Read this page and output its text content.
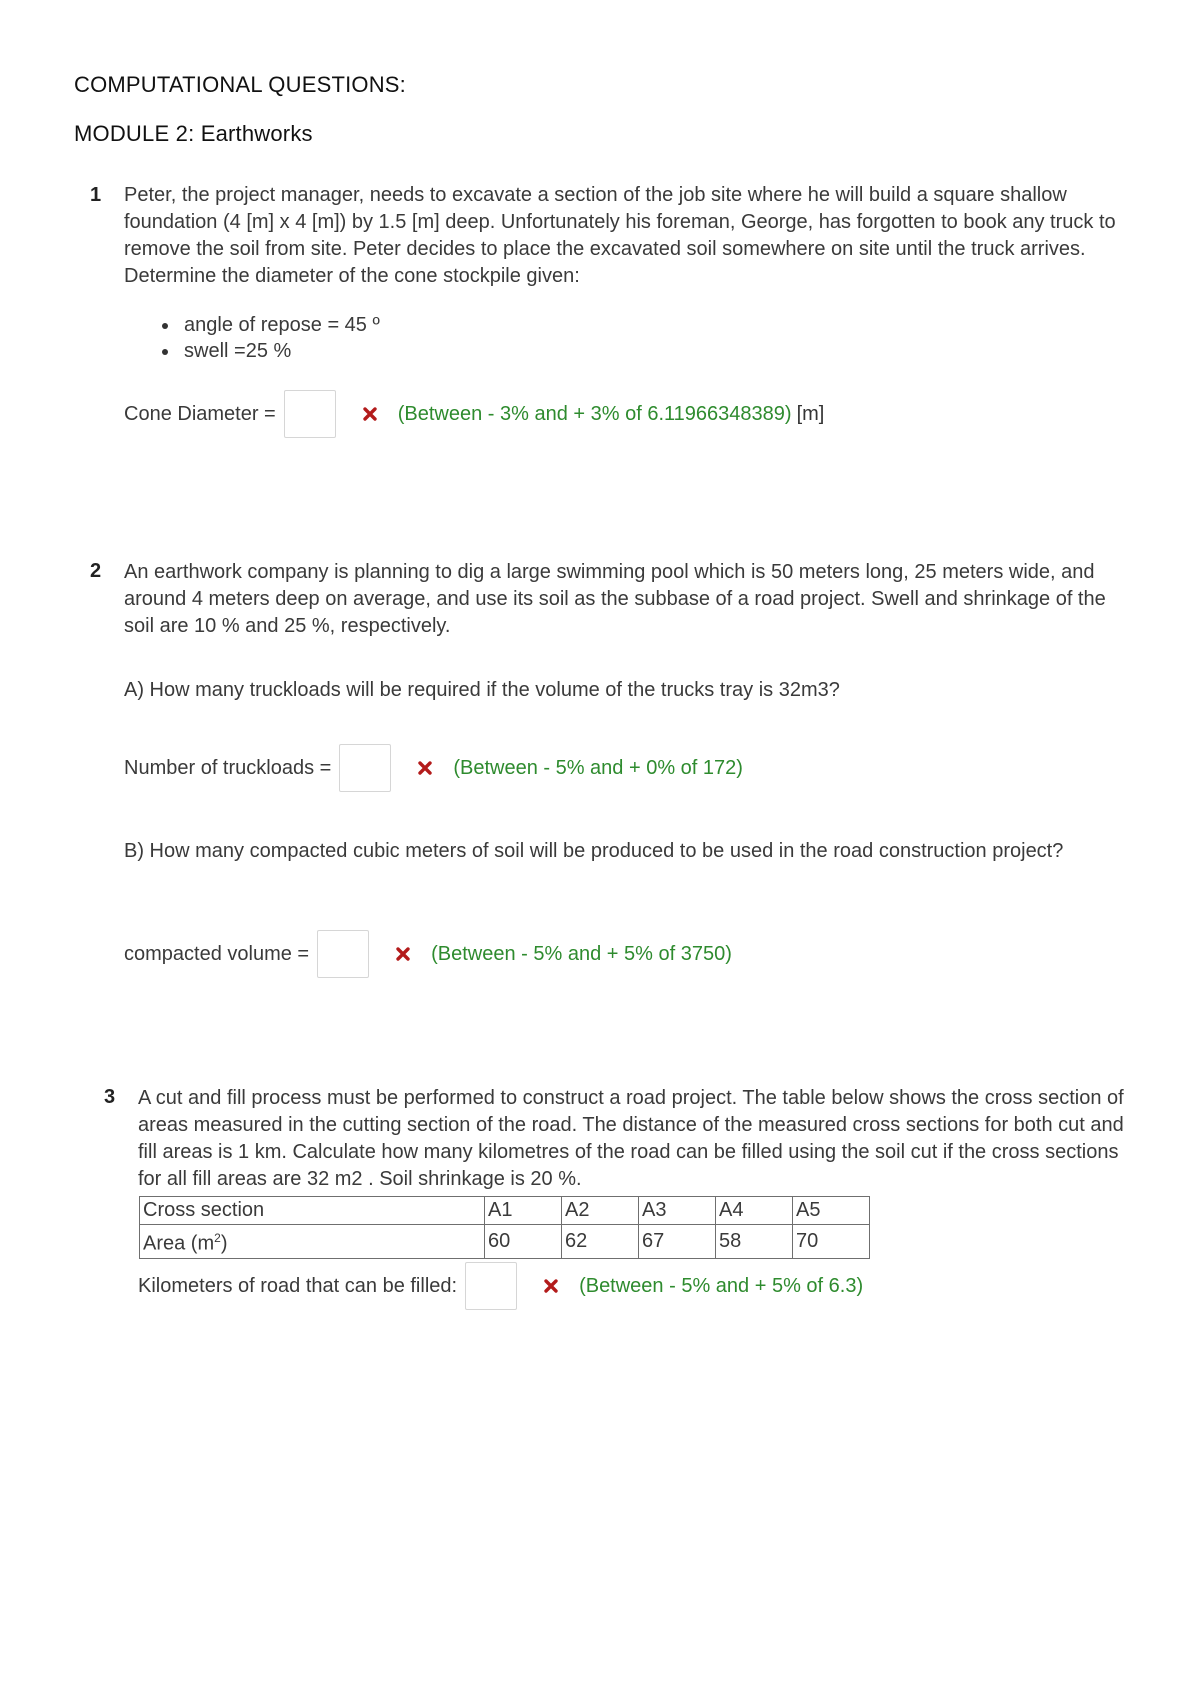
COMPUTATIONAL QUESTIONS:
MODULE 2: Earthworks
1 Peter, the project manager, needs to excavate a section of the job site where he will build a square shallow foundation (4 [m] x 4 [m]) by 1.5 [m] deep. Unfortunately his foreman, George, has forgotten to book any truck to remove the soil from site. Peter decides to place the excavated soil somewhere on site until the truck arrives. Determine the diameter of the cone stockpile given:
angle of repose = 45 º
swell =25 %
Cone Diameter =	(Between - 3% and + 3% of 6.11966348389) [m]
2 An earthwork company is planning to dig a large swimming pool which is 50 meters long, 25 meters wide, and around 4 meters deep on average, and use its soil as the subbase of a road project. Swell and shrinkage of the soil are 10 % and 25 %, respectively.
A) How many truckloads will be required if the volume of the trucks tray is 32m3?
Number of truckloads =	(Between - 5% and + 0% of 172)
B) How many compacted cubic meters of soil will be produced to be used in the road construction project?
compacted volume =	(Between - 5% and + 5% of 3750)
3 A cut and fill process must be performed to construct a road project. The table below shows the cross section of areas measured in the cutting section of the road. The distance of the measured cross sections for both cut and fill areas is 1 km. Calculate how many kilometres of the road can be filled using the soil cut if the cross sections for all fill areas are 32 m2 . Soil shrinkage is 20 %.
Cross section	A1	A2	A3	A4	A5
Area $(m^2)$	60	62	67	58	70
Kilometers of road that can be filled:	(Between - 5% and + 5% of 6.3)
